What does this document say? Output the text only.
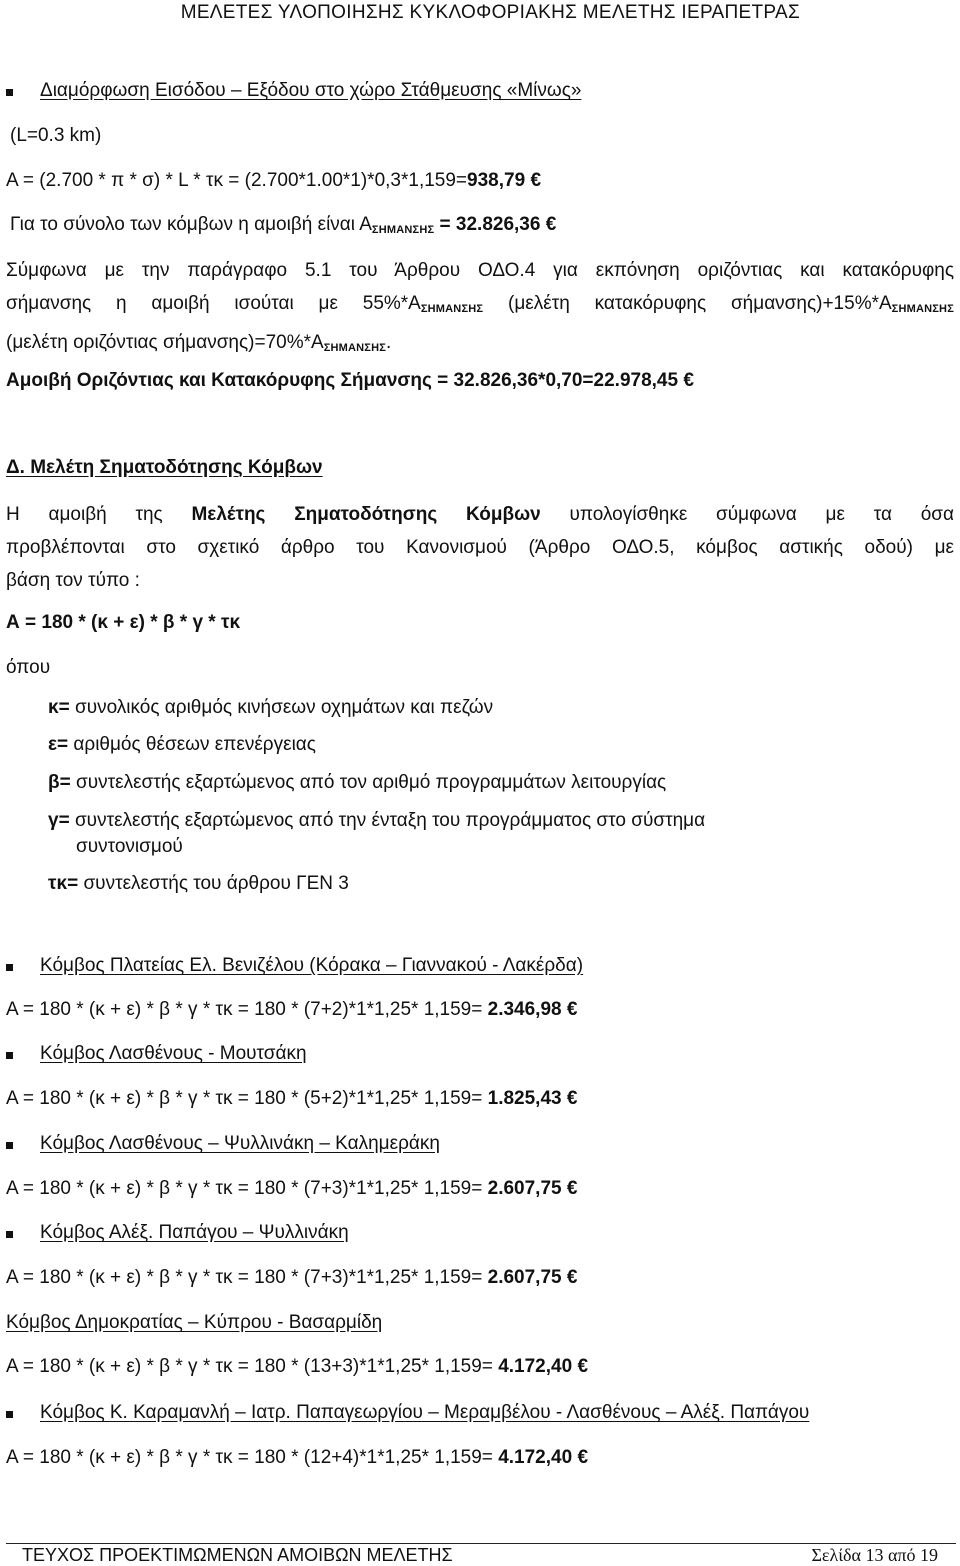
ΜΕΛΕΤΕΣ ΥΛΟΠΟΙΗΣΗΣ ΚΥΚΛΟΦΟΡΙΑΚΗΣ ΜΕΛΕΤΗΣ ΙΕΡΑΠΕΤΡΑΣ
Διαμόρφωση Εισόδου – Εξόδου στο χώρο Στάθμευσης «Μίνως»
(L=0.3 km)
Α = (2.700 * π * σ) * L * τκ = (2.700*1.00*1)*0,3*1,159=938,79 €
Για το σύνολο των κόμβων η αμοιβή είναι $A_{\Sigma HMAN\Sigma H\Sigma} = 32.826,36$ €
Σύμφωνα με την παράγραφο 5.1 του Άρθρου ΟΔΟ.4 για εκπόνηση οριζόντιας και κατακόρυφης
σήμανσης η αμοιβή ισούται με $55\%*A_{\Sigma HMAN\Sigma H\Sigma}$ (μελέτη κατακόρυφης $\sigma ή\mu\alpha\nu\sigma\eta\varsigma)+15\%*A_{\Sigma HMAN\Sigma H\Sigma}$
(μελέτη οριζόντιας $\sigma ή\mu\alpha\nu\sigma\eta\varsigma)=70\%*A_{\Sigma HMAN\Sigma H\Sigma}$.
Αμοιβή Οριζόντιας και Κατακόρυφης Σήμανσης = 32.826,36*0,70=22.978,45 €
Δ. Μελέτη Σηματοδότησης Κόμβων
Η αμοιβή της Μελέτης Σηματοδότησης Κόμβων υπολογίσθηκε σύμφωνα με τα όσα
προβλέπονται στο σχετικό άρθρο του Κανονισμού (Άρθρο ΟΔΟ.5, κόμβος αστικής οδού) με
βάση τον τύπο :
Α = 180 * (κ + ε) * β * γ * τκ
όπου
κ= συνολικός αριθμός κινήσεων οχημάτων και πεζών
ε= αριθμός θέσεων επενέργειας
β= συντελεστής εξαρτώμενος από τον αριθμό προγραμμάτων λειτουργίας
γ= συντελεστής εξαρτώμενος από την ένταξη του προγράμματος στο σύστημα
συντονισμού
τκ= συντελεστής του άρθρου ΓΕΝ 3
Κόμβος Πλατείας Ελ. Βενιζέλου (Κόρακα – Γιαννακού - Λακέρδα)
Α = 180 * (κ + ε) * β * γ * τκ = 180 * (7+2)*1*1,25* 1,159= 2.346,98 €
Κόμβος Λασθένους - Μουτσάκη
Α = 180 * (κ + ε) * β * γ * τκ = 180 * (5+2)*1*1,25* 1,159= 1.825,43 €
Κόμβος Λασθένους – Ψυλλινάκη – Καλημεράκη
Α = 180 * (κ + ε) * β * γ * τκ = 180 * (7+3)*1*1,25* 1,159= 2.607,75 €
Κόμβος Αλέξ. Παπάγου – Ψυλλινάκη
Α = 180 * (κ + ε) * β * γ * τκ = 180 * (7+3)*1*1,25* 1,159= 2.607,75 €
Κόμβος Δημοκρατίας – Κύπρου - Βασαρμίδη
Α = 180 * (κ + ε) * β * γ * τκ = 180 * (13+3)*1*1,25* 1,159= 4.172,40 €
Κόμβος Κ. Καραμανλή – Ιατρ. Παπαγεωργίου – Μεραμβέλου - Λασθένους – Αλέξ. Παπάγου
Α = 180 * (κ + ε) * β * γ * τκ = 180 * (12+4)*1*1,25* 1,159= 4.172,40 €
ΤΕΥΧΟΣ ΠΡΟΕΚΤΙΜΩΜΕΝΩΝ ΑΜΟΙΒΩΝ ΜΕΛΕΤΗΣ	Σελίδα 13 από 19
